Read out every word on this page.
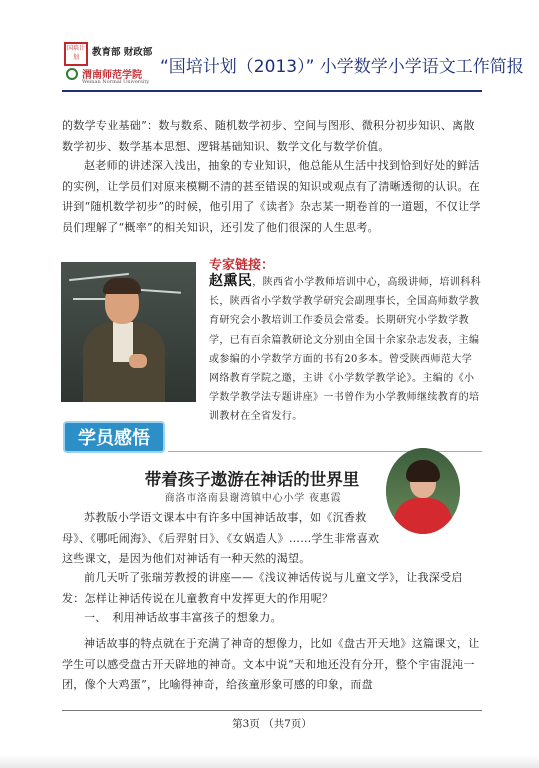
国培计划	教育部 财政部
渭南师范学院
Weinan Normal University
“国培计划（2013）” 小学数学小学语文工作简报
的数学专业基础”：数与数系、随机数学初步、空间与图形、微积分初步知识、离散数学初步、数学基本思想、逻辑基础知识、数学文化与数学价值。
赵老师的讲述深入浅出，抽象的专业知识，他总能从生活中找到恰到好处的鲜活的实例，让学员们对原来模糊不清的甚至错误的知识或观点有了清晰透彻的认识。在讲到“随机数学初步”的时候，他引用了《读者》杂志某一期卷首的一道题，不仅让学员们理解了“概率”的相关知识，还引发了他们很深的人生思考。
专家链接：
赵熏民，陕西省小学教师培训中心，高级讲师，培训科科长，陕西省小学数学教学研究会副理事长，全国高师数学教育研究会小教培训工作委员会常委。长期研究小学数学教学，已有百余篇教研论文分别由全国十余家杂志发表，主编或参编的小学数学方面的书有20多本。曾受陕西师范大学网络教育学院之邀，主讲《小学数学教学论》。主编的《小学数学教学法专题讲座》一书曾作为小学教师继续教育的培训教材在全省发行。
学员感悟
带着孩子遨游在神话的世界里
商洛市洛南县谢湾镇中心小学 夜惠霞
苏教版小学语文课本中有许多中国神话故事，如《沉香救母》、《哪吒闹海》、《后羿射日》、《女娲造人》……学生非常喜欢这些课文，是因为他们对神话有一种天然的渴望。
前几天听了张瑞芳教授的讲座——《浅议神话传说与儿童文学》，让我深受启发：怎样让神话传说在儿童教育中发挥更大的作用呢？
一、　利用神话故事丰富孩子的想象力。
神话故事的特点就在于充满了神奇的想像力，比如《盘古开天地》这篇课文，让学生可以感受盘古开天辟地的神奇。文本中说“天和地还没有分开，整个宇宙混沌一团，像个大鸡蛋”，比喻得神奇，给孩童形象可感的印象，而盘
第3页 （共7页）
